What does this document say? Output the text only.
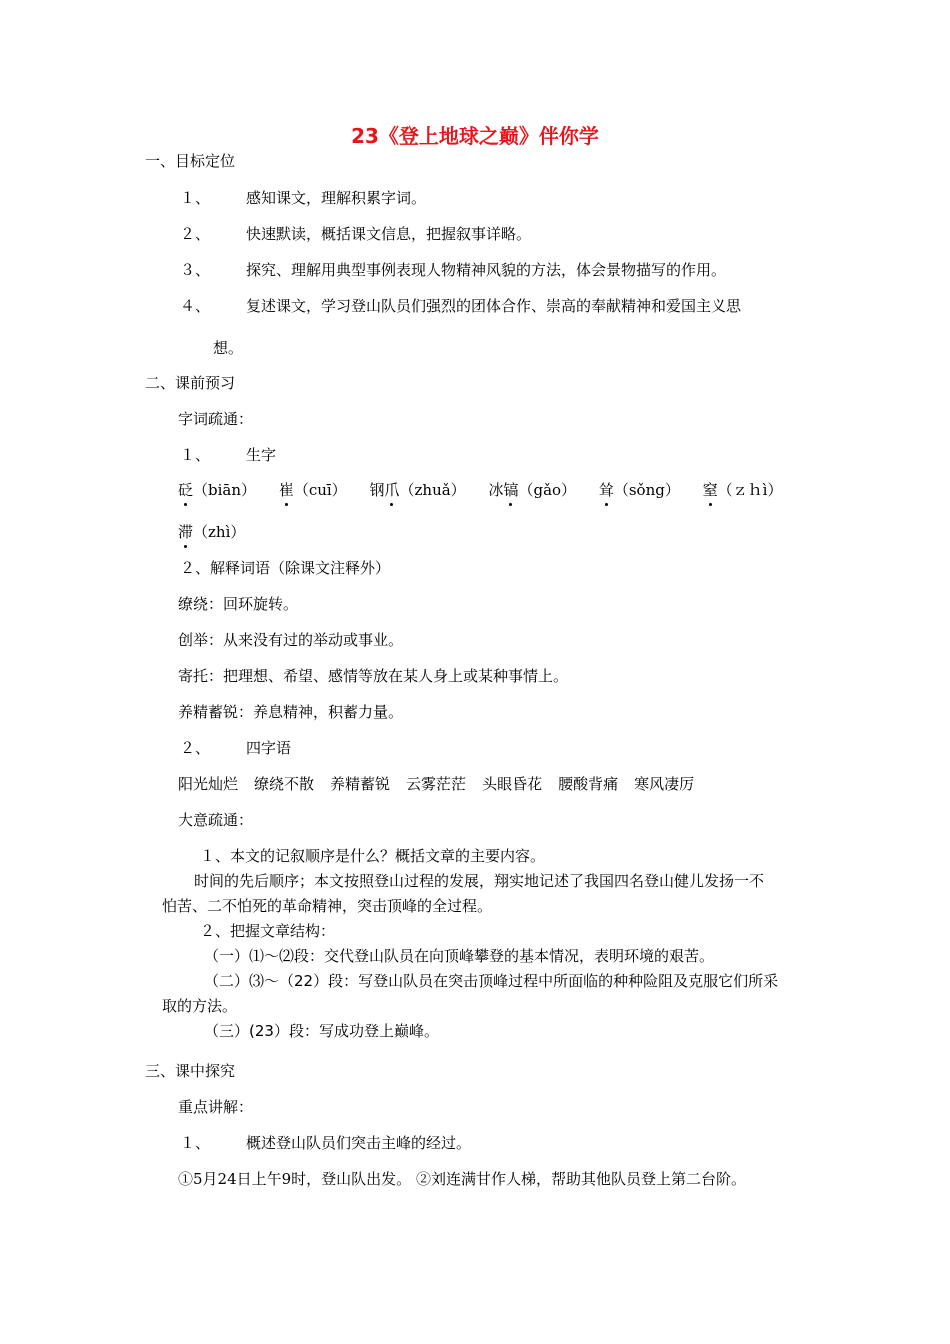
23《登上地球之巅》伴你学
一、目标定位
１、 感知课文，理解积累字词。
２、 快速默读，概括课文信息，把握叙事详略。
３、 探究、理解用典型事例表现人物精神风貌的方法，体会景物描写的作用。
４、 复述课文，学习登山队员们强烈的团体合作、崇高的奉献精神和爱国主义思
想。
二、课前预习
字词疏通：
１、 生字
砭（biān） 崔（cuī） 钢爪（zhuǎ） 冰镐（gǎo） 耸（sǒng） 窒（ｚｈì）
滞（zhì）
２、解释词语（除课文注释外）
缭绕：回环旋转。
创举：从来没有过的举动或事业。
寄托：把理想、希望、感情等放在某人身上或某种事情上。
养精蓄锐：养息精神，积蓄力量。
２、 四字语
阳光灿烂 缭绕不散 养精蓄锐 云雾茫茫 头眼昏花 腰酸背痛 寒风凄厉
大意疏通：
１、本文的记叙顺序是什么？概括文章的主要内容。
时间的先后顺序；本文按照登山过程的发展，翔实地记述了我国四名登山健儿发扬一不
怕苦、二不怕死的革命精神，突击顶峰的全过程。
２、把握文章结构：
（一）⑴～⑵段：交代登山队员在向顶峰攀登的基本情况，表明环境的艰苦。
（二）⑶～（22）段：写登山队员在突击顶峰过程中所面临的种种险阻及克服它们所采
取的方法。
（三）(23）段：写成功登上巅峰。
三、课中探究
重点讲解：
１、 概述登山队员们突击主峰的经过。
①5月24日上午9时，登山队出发。 ②刘连满甘作人梯，帮助其他队员登上第二台阶。
